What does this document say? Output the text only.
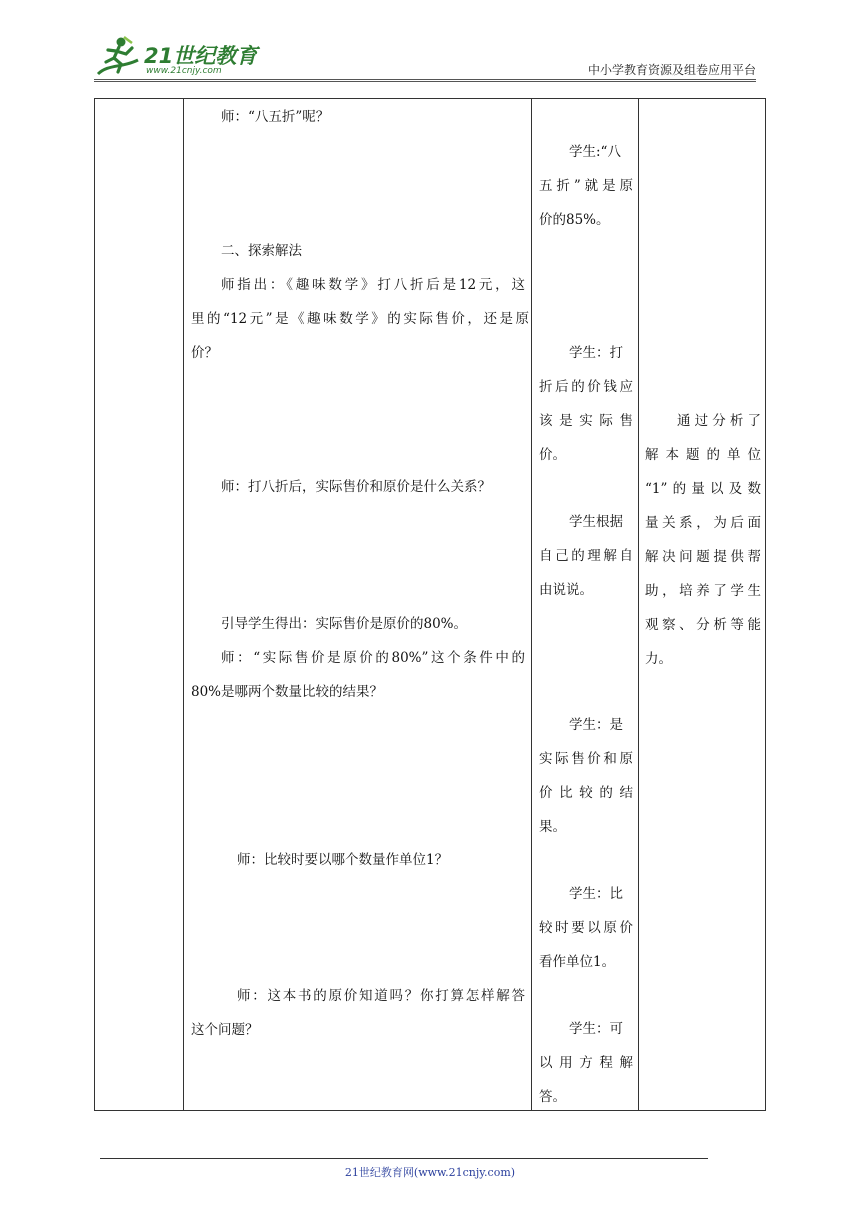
21世纪教育
www.21cnjy.com	中小学教育资源及组卷应用平台
师：“八五折”呢？
二、探索解法
师指出：《趣味数学》打八折后是12元，这
里的“12元”是《趣味数学》的实际售价，还是原
价？
师：打八折后，实际售价和原价是什么关系？
引导学生得出：实际售价是原价的80%。
师：“实际售价是原价的80%”这个条件中的
80%是哪两个数量比较的结果？
师：比较时要以哪个数量作单位1？
师：这本书的原价知道吗？你打算怎样解答
这个问题？
学生:“八
五折”就是原
价的85%。
学生：打
折后的价钱应
该是实际售
价。
学生根据
自己的理解自
由说说。
学生：是
实际售价和原
价比较的结
果。
学生：比
较时要以原价
看作单位1。
学生：可
以用方程解
答。
通过分析了
解本题的单位
“1”的量以及数
量关系，为后面
解决问题提供帮
助，培养了学生
观察、分析等能
力。
21世纪教育网(www.21cnjy.com)
